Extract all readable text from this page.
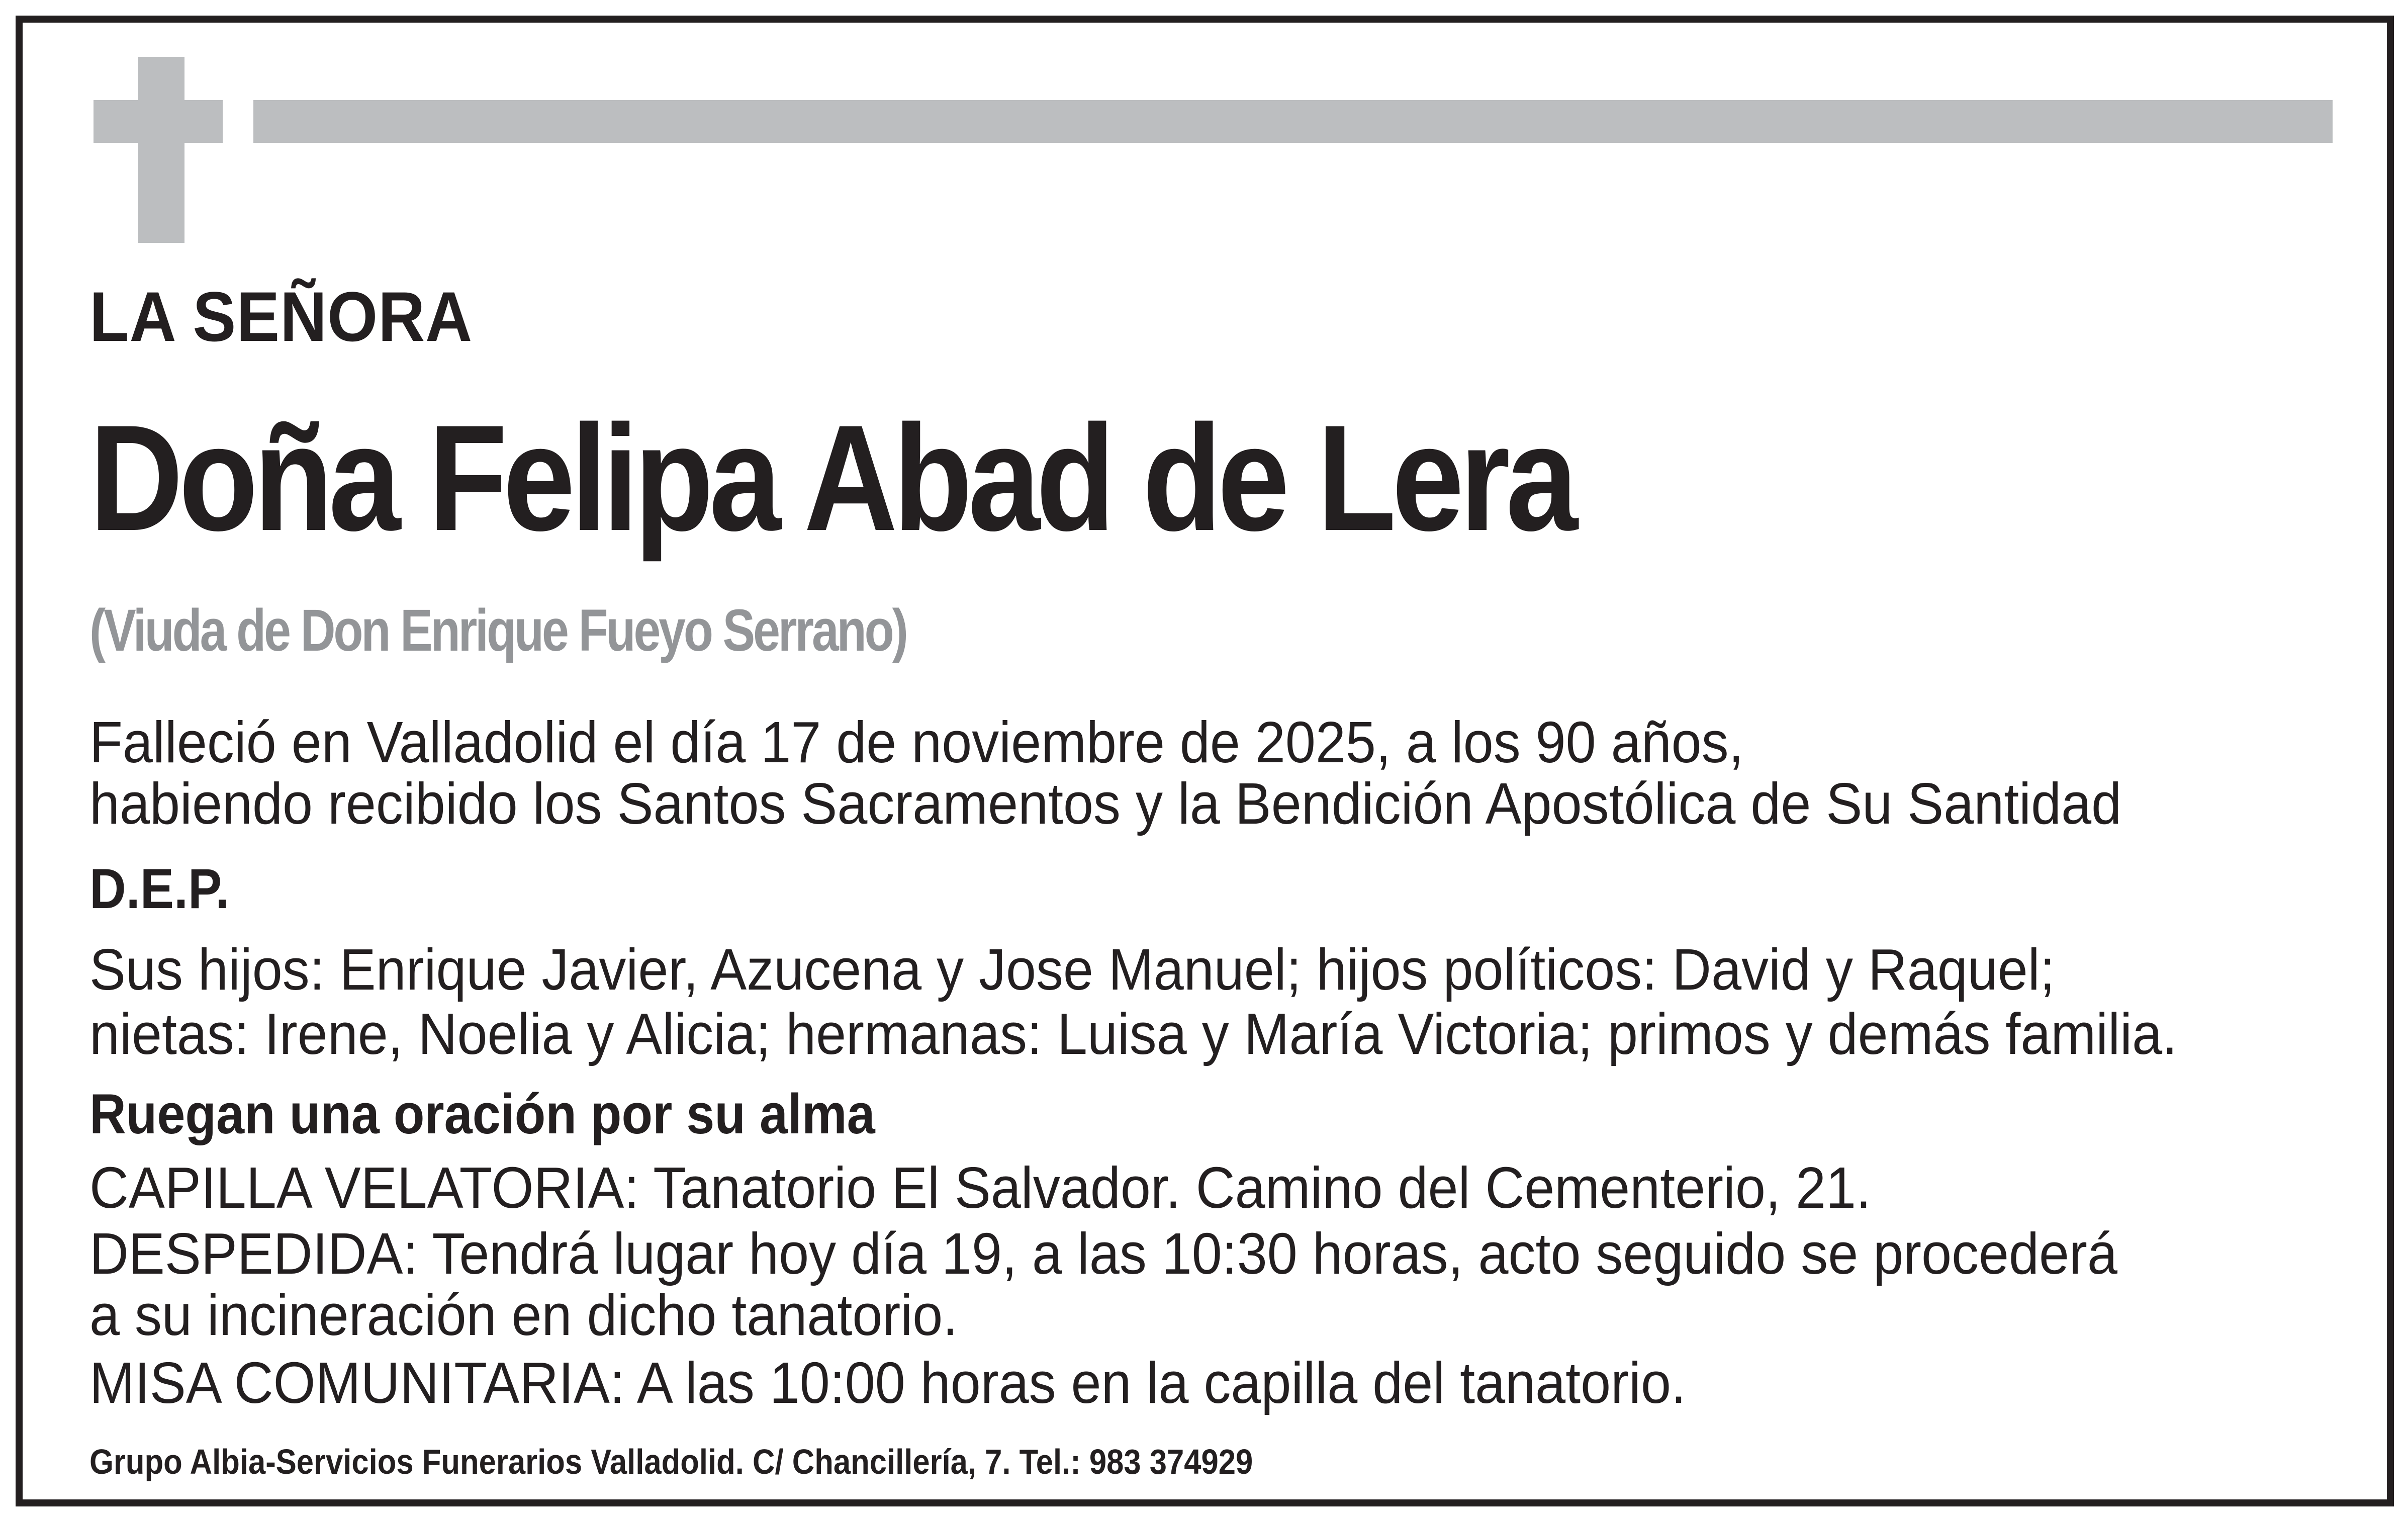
LA SEÑORA
Doña Felipa Abad de Lera
(Viuda de Don Enrique Fueyo Serrano)
Falleció en Valladolid el día 17 de noviembre de 2025, a los 90 años,
habiendo recibido los Santos Sacramentos y la Bendición Apostólica de Su Santidad
D.E.P.
Sus hijos: Enrique Javier, Azucena y Jose Manuel; hijos políticos: David y Raquel;
nietas: Irene, Noelia y Alicia; hermanas: Luisa y María Victoria; primos y demás familia.
Ruegan una oración por su alma
CAPILLA VELATORIA: Tanatorio El Salvador. Camino del Cementerio, 21.
DESPEDIDA: Tendrá lugar hoy día 19, a las 10:30 horas, acto seguido se procederá
a su incineración en dicho tanatorio.
MISA COMUNITARIA: A las 10:00 horas en la capilla del tanatorio.
Grupo Albia-Servicios Funerarios Valladolid. C/ Chancillería, 7. Tel.: 983 374929
